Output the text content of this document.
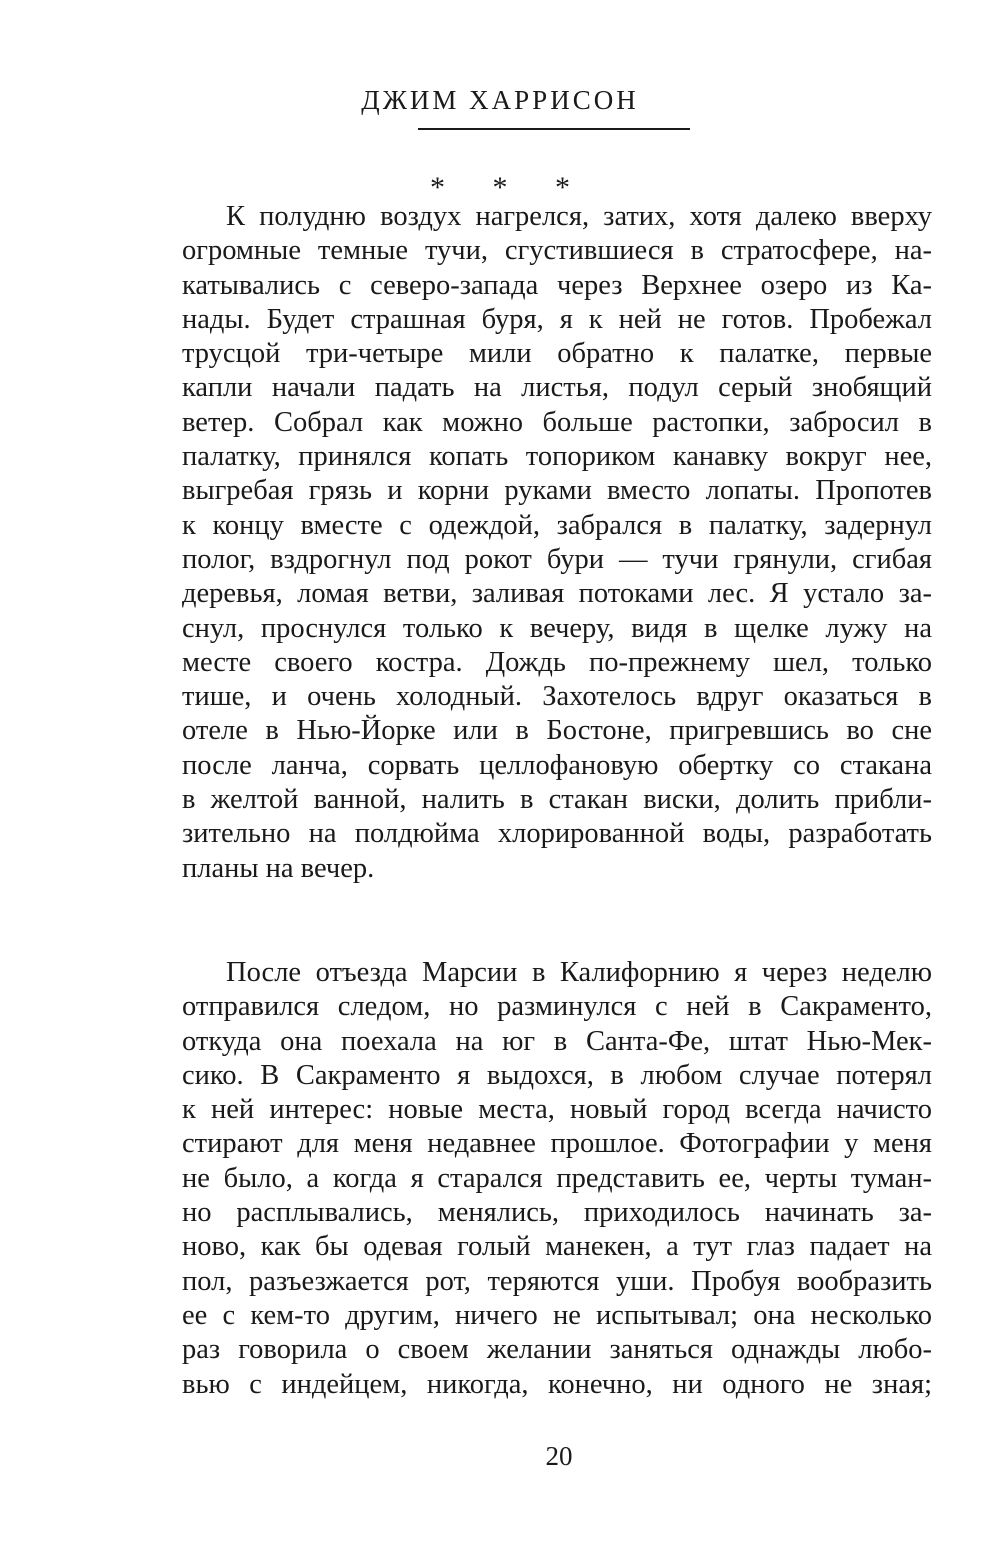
ДЖИМ ХАРРИСОН
* * *
К полудню воздух нагрелся, затих, хотя далеко вверху
огромные темные тучи, сгустившиеся в стратосфере, на-
катывались с северо-запада через Верхнее озеро из Ка-
нады. Будет страшная буря, я к ней не готов. Пробежал
трусцой три-четыре мили обратно к палатке, первые
капли начали падать на листья, подул серый знобящий
ветер. Собрал как можно больше растопки, забросил в
палатку, принялся копать топориком канавку вокруг нее,
выгребая грязь и корни руками вместо лопаты. Пропотев
к концу вместе с одеждой, забрался в палатку, задернул
полог, вздрогнул под рокот бури — тучи грянули, сгибая
деревья, ломая ветви, заливая потоками лес. Я устало за-
снул, проснулся только к вечеру, видя в щелке лужу на
месте своего костра. Дождь по-прежнему шел, только
тише, и очень холодный. Захотелось вдруг оказаться в
отеле в Нью-Йорке или в Бостоне, пригревшись во сне
после ланча, сорвать целлофановую обертку со стакана
в желтой ванной, налить в стакан виски, долить прибли-
зительно на полдюйма хлорированной воды, разработать
планы на вечер.
После отъезда Марсии в Калифорнию я через неделю
отправился следом, но разминулся с ней в Сакраменто,
откуда она поехала на юг в Санта-Фе, штат Нью-Мек-
сико. В Сакраменто я выдохся, в любом случае потерял
к ней интерес: новые места, новый город всегда начисто
стирают для меня недавнее прошлое. Фотографии у меня
не было, а когда я старался представить ее, черты туман-
но расплывались, менялись, приходилось начинать за-
ново, как бы одевая голый манекен, а тут глаз падает на
пол, разъезжается рот, теряются уши. Пробуя вообразить
ее с кем-то другим, ничего не испытывал; она несколько
раз говорила о своем желании заняться однажды любо-
вью с индейцем, никогда, конечно, ни одного не зная;
20
